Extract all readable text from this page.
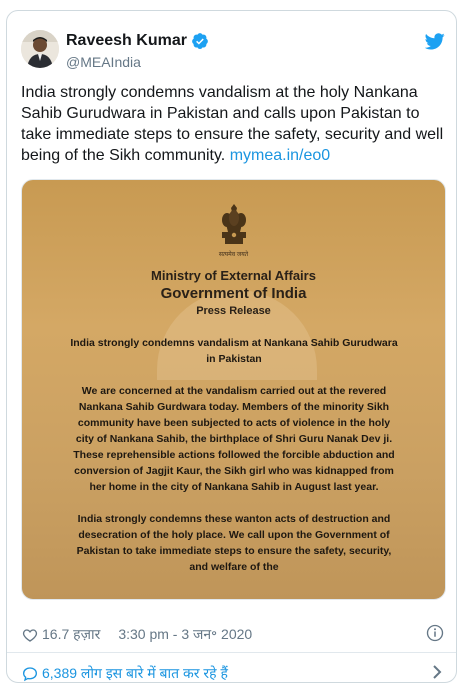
Raveesh Kumar
@MEAIndia
India strongly condemns vandalism at the holy Nankana Sahib Gurudwara in Pakistan and calls upon Pakistan to take immediate steps to ensure the safety, security and well being of the Sikh community. mymea.in/eo0
सत्यमेव जयते
Ministry of External Affairs
Government of India
Press Release

India strongly condemns vandalism at Nankana Sahib Gurudwara in Pakistan

We are concerned at the vandalism carried out at the revered Nankana Sahib Gurdwara today. Members of the minority Sikh community have been subjected to acts of violence in the holy city of Nankana Sahib, the birthplace of Shri Guru Nanak Dev ji. These reprehensible actions followed the forcible abduction and conversion of Jagjit Kaur, the Sikh girl who was kidnapped from her home in the city of Nankana Sahib in August last year.

India strongly condemns these wanton acts of destruction and desecration of the holy place. We call upon the Government of Pakistan to take immediate steps to ensure the safety, security, and welfare of the

16.7 हज़ार 3:30 pm - 3 जन॰ 2020
6,389 लोग इस बारे में बात कर रहे हैं
